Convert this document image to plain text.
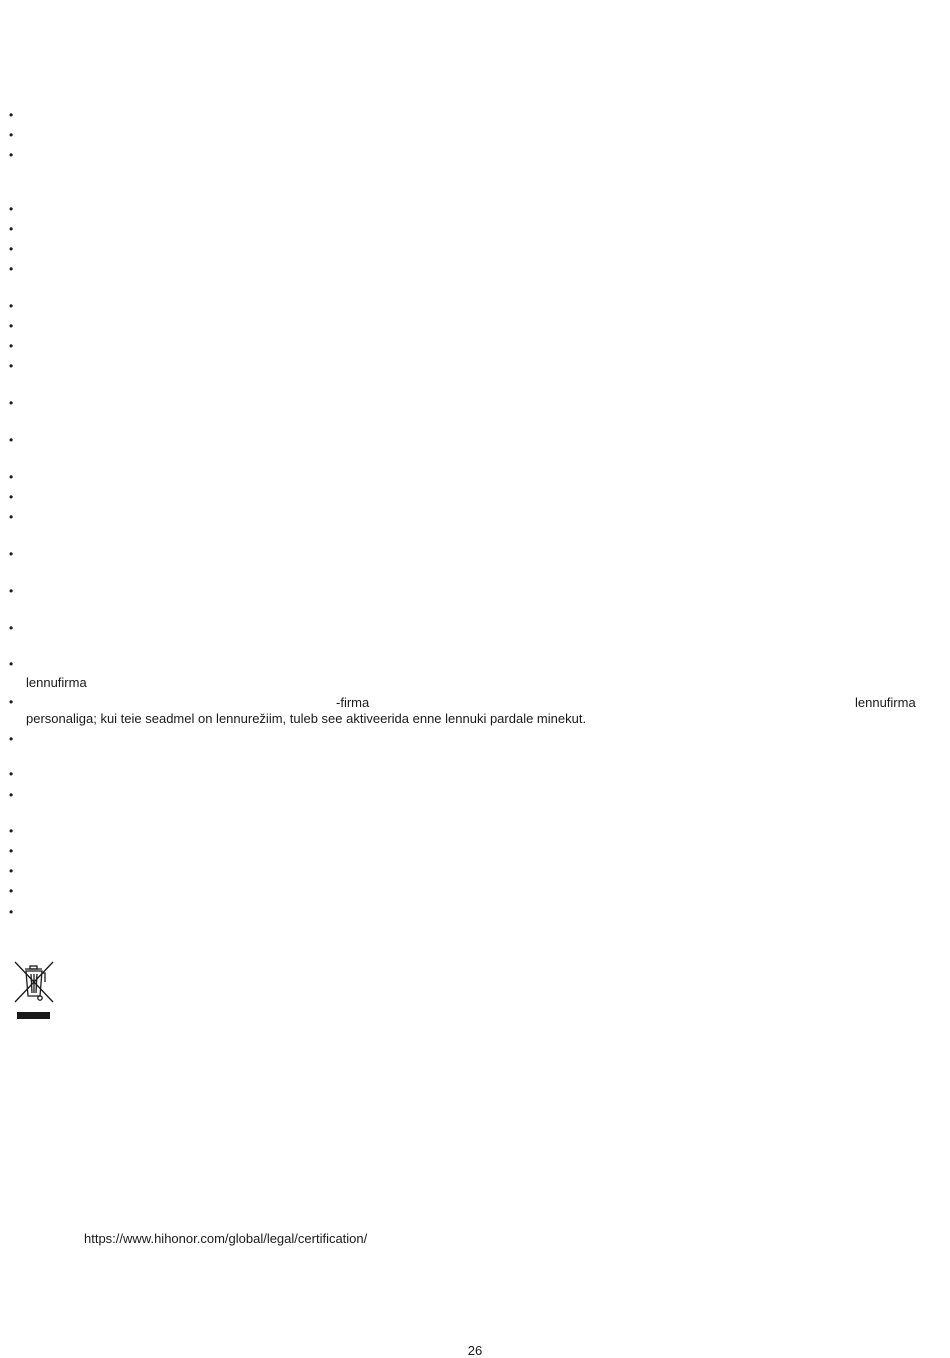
•
•
•
•
•
•
•
•
•
•
•
•
•
•
•
•
•
•
•
•
lennufirma
•
-firma	lennufirma
personaliga; kui teie seadmel on lennurežiim, tuleb see aktiveerida enne lennuki pardale minekut.
•
•
•
•
•
•
•
•
https://www.hihonor.com/global/legal/certification/
26
